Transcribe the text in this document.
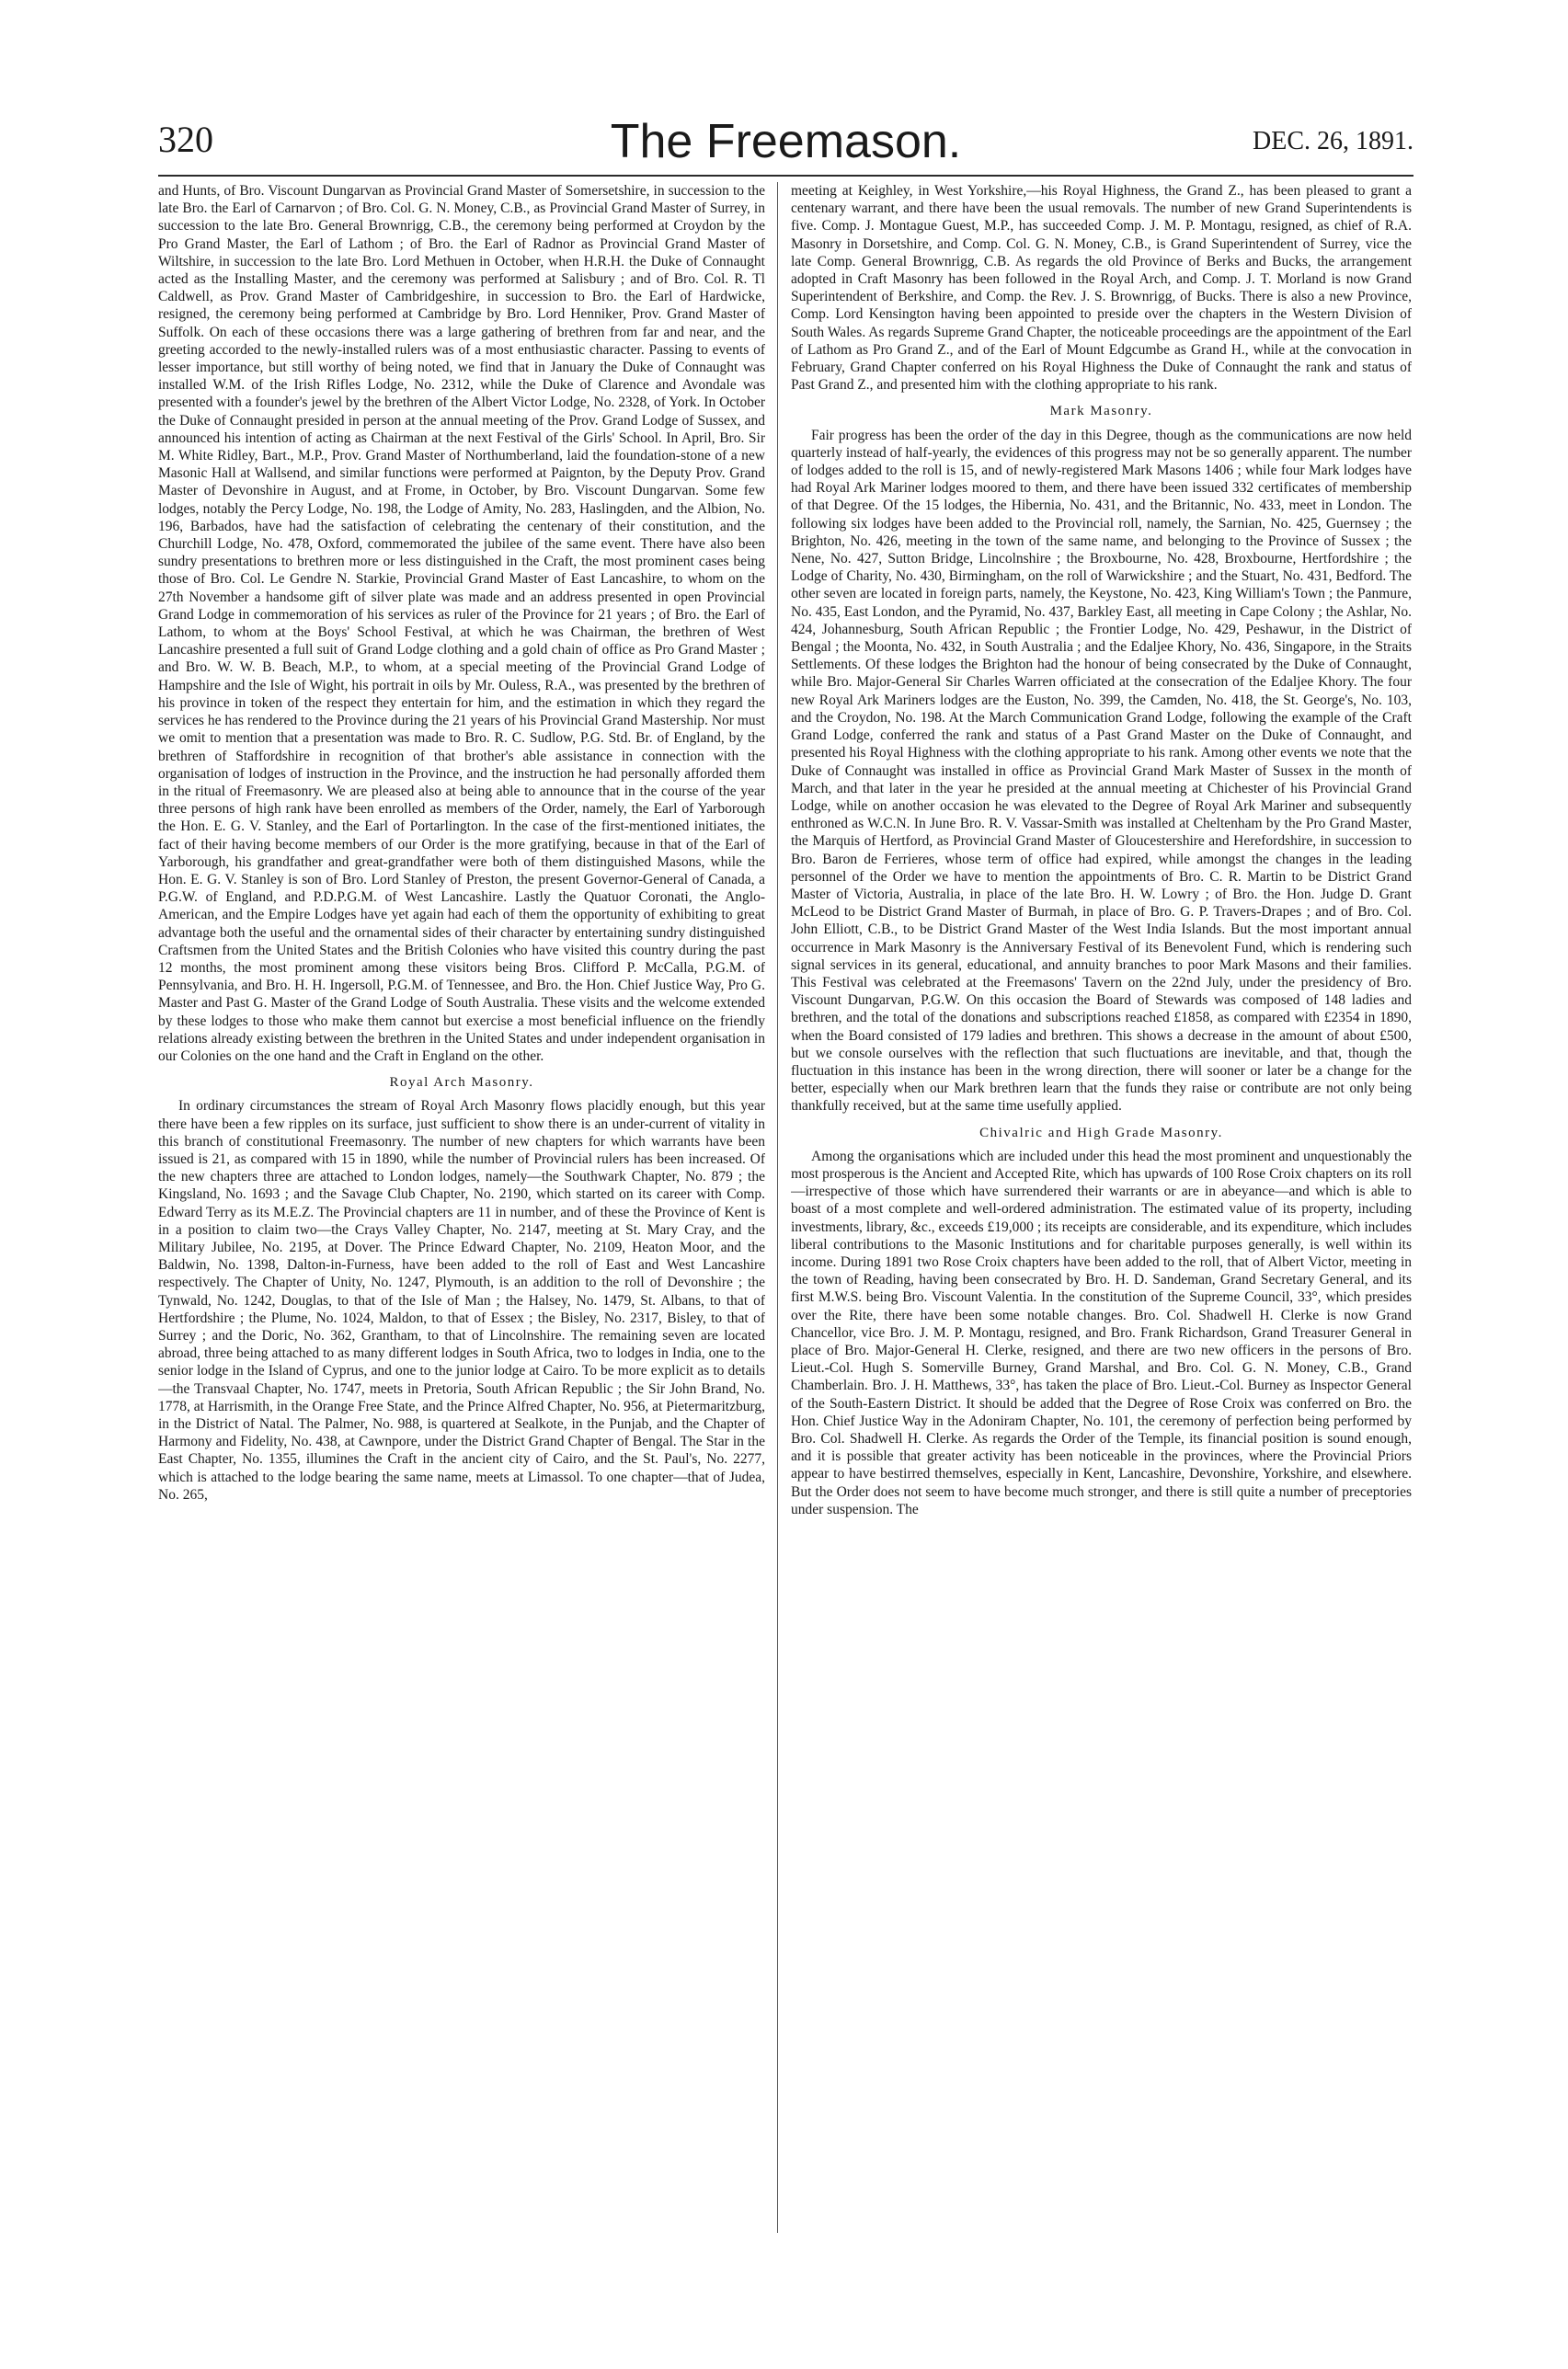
320	The Freemason.	DEC. 26, 1891.

and Hunts, of Bro. Viscount Dungarvan as Provincial Grand Master of Somersetshire, in succession to the late Bro. the Earl of Carnarvon ; of Bro. Col. G. N. Money, C.B., as Provincial Grand Master of Surrey, in succession to the late Bro. General Brownrigg, C.B., the ceremony being performed at Croydon by the Pro Grand Master, the Earl of Lathom ; of Bro. the Earl of Radnor as Provincial Grand Master of Wiltshire, in succession to the late Bro. Lord Methuen in October, when H.R.H. the Duke of Connaught acted as the Installing Master, and the ceremony was performed at Salisbury ; and of Bro. Col. R. Tl Caldwell, as Prov. Grand Master of Cambridgeshire, in succession to Bro. the Earl of Hardwicke, resigned, the ceremony being performed at Cambridge by Bro. Lord Henniker, Prov. Grand Master of Suffolk. On each of these occasions there was a large gathering of brethren from far and near, and the greeting accorded to the newly-installed rulers was of a most enthusiastic character. Passing to events of lesser importance, but still worthy of being noted, we find that in January the Duke of Connaught was installed W.M. of the Irish Rifles Lodge, No. 2312, while the Duke of Clarence and Avondale was presented with a founder's jewel by the brethren of the Albert Victor Lodge, No. 2328, of York. In October the Duke of Connaught presided in person at the annual meeting of the Prov. Grand Lodge of Sussex, and announced his intention of acting as Chairman at the next Festival of the Girls' School. In April, Bro. Sir M. White Ridley, Bart., M.P., Prov. Grand Master of Northumberland, laid the foundation-stone of a new Masonic Hall at Wallsend, and similar functions were performed at Paignton, by the Deputy Prov. Grand Master of Devonshire in August, and at Frome, in October, by Bro. Viscount Dungarvan. Some few lodges, notably the Percy Lodge, No. 198, the Lodge of Amity, No. 283, Haslingden, and the Albion, No. 196, Barbados, have had the satisfaction of celebrating the centenary of their constitution, and the Churchill Lodge, No. 478, Oxford, commemorated the jubilee of the same event. There have also been sundry presentations to brethren more or less distinguished in the Craft, the most prominent cases being those of Bro. Col. Le Gendre N. Starkie, Provincial Grand Master of East Lancashire, to whom on the 27th November a handsome gift of silver plate was made and an address presented in open Provincial Grand Lodge in commemoration of his services as ruler of the Province for 21 years ; of Bro. the Earl of Lathom, to whom at the Boys' School Festival, at which he was Chairman, the brethren of West Lancashire presented a full suit of Grand Lodge clothing and a gold chain of office as Pro Grand Master ; and Bro. W. W. B. Beach, M.P., to whom, at a special meeting of the Provincial Grand Lodge of Hampshire and the Isle of Wight, his portrait in oils by Mr. Ouless, R.A., was presented by the brethren of his province in token of the respect they entertain for him, and the estimation in which they regard the services he has rendered to the Province during the 21 years of his Provincial Grand Mastership. Nor must we omit to mention that a presentation was made to Bro. R. C. Sudlow, P.G. Std. Br. of England, by the brethren of Staffordshire in recognition of that brother's able assistance in connection with the organisation of lodges of instruction in the Province, and the instruction he had personally afforded them in the ritual of Freemasonry. We are pleased also at being able to announce that in the course of the year three persons of high rank have been enrolled as members of the Order, namely, the Earl of Yarborough the Hon. E. G. V. Stanley, and the Earl of Portarlington. In the case of the first-mentioned initiates, the fact of their having become members of our Order is the more gratifying, because in that of the Earl of Yarborough, his grandfather and great-grandfather were both of them distinguished Masons, while the Hon. E. G. V. Stanley is son of Bro. Lord Stanley of Preston, the present Governor-General of Canada, a P.G.W. of England, and P.D.P.G.M. of West Lancashire. Lastly the Quatuor Coronati, the Anglo-American, and the Empire Lodges have yet again had each of them the opportunity of exhibiting to great advantage both the useful and the ornamental sides of their character by entertaining sundry distinguished Craftsmen from the United States and the British Colonies who have visited this country during the past 12 months, the most prominent among these visitors being Bros. Clifford P. McCalla, P.G.M. of Pennsylvania, and Bro. H. H. Ingersoll, P.G.M. of Tennessee, and Bro. the Hon. Chief Justice Way, Pro G. Master and Past G. Master of the Grand Lodge of South Australia. These visits and the welcome extended by these lodges to those who make them cannot but exercise a most beneficial influence on the friendly relations already existing between the brethren in the United States and under independent organisation in our Colonies on the one hand and the Craft in England on the other.

Royal Arch Masonry.

In ordinary circumstances the stream of Royal Arch Masonry flows placidly enough, but this year there have been a few ripples on its surface, just sufficient to show there is an under-current of vitality in this branch of constitutional Freemasonry. The number of new chapters for which warrants have been issued is 21, as compared with 15 in 1890, while the number of Provincial rulers has been increased. Of the new chapters three are attached to London lodges, namely—the Southwark Chapter, No. 879 ; the Kingsland, No. 1693 ; and the Savage Club Chapter, No. 2190, which started on its career with Comp. Edward Terry as its M.E.Z. The Provincial chapters are 11 in number, and of these the Province of Kent is in a position to claim two—the Crays Valley Chapter, No. 2147, meeting at St. Mary Cray, and the Military Jubilee, No. 2195, at Dover. The Prince Edward Chapter, No. 2109, Heaton Moor, and the Baldwin, No. 1398, Dalton-in-Furness, have been added to the roll of East and West Lancashire respectively. The Chapter of Unity, No. 1247, Plymouth, is an addition to the roll of Devonshire ; the Tynwald, No. 1242, Douglas, to that of the Isle of Man ; the Halsey, No. 1479, St. Albans, to that of Hertfordshire ; the Plume, No. 1024, Maldon, to that of Essex ; the Bisley, No. 2317, Bisley, to that of Surrey ; and the Doric, No. 362, Grantham, to that of Lincolnshire. The remaining seven are located abroad, three being attached to as many different lodges in South Africa, two to lodges in India, one to the senior lodge in the Island of Cyprus, and one to the junior lodge at Cairo. To be more explicit as to details—the Transvaal Chapter, No. 1747, meets in Pretoria, South African Republic ; the Sir John Brand, No. 1778, at Harrismith, in the Orange Free State, and the Prince Alfred Chapter, No. 956, at Pietermaritzburg, in the District of Natal. The Palmer, No. 988, is quartered at Sealkote, in the Punjab, and the Chapter of Harmony and Fidelity, No. 438, at Cawnpore, under the District Grand Chapter of Bengal. The Star in the East Chapter, No. 1355, illumines the Craft in the ancient city of Cairo, and the St. Paul's, No. 2277, which is attached to the lodge bearing the same name, meets at Limassol. To one chapter—that of Judea, No. 265,

meeting at Keighley, in West Yorkshire,—his Royal Highness, the Grand Z., has been pleased to grant a centenary warrant, and there have been the usual removals. The number of new Grand Superintendents is five. Comp. J. Montague Guest, M.P., has succeeded Comp. J. M. P. Montagu, resigned, as chief of R.A. Masonry in Dorsetshire, and Comp. Col. G. N. Money, C.B., is Grand Superintendent of Surrey, vice the late Comp. General Brownrigg, C.B. As regards the old Province of Berks and Bucks, the arrangement adopted in Craft Masonry has been followed in the Royal Arch, and Comp. J. T. Morland is now Grand Superintendent of Berkshire, and Comp. the Rev. J. S. Brownrigg, of Bucks. There is also a new Province, Comp. Lord Kensington having been appointed to preside over the chapters in the Western Division of South Wales. As regards Supreme Grand Chapter, the noticeable proceedings are the appointment of the Earl of Lathom as Pro Grand Z., and of the Earl of Mount Edgcumbe as Grand H., while at the convocation in February, Grand Chapter conferred on his Royal Highness the Duke of Connaught the rank and status of Past Grand Z., and presented him with the clothing appropriate to his rank.

Mark Masonry.

Fair progress has been the order of the day in this Degree, though as the communications are now held quarterly instead of half-yearly, the evidences of this progress may not be so generally apparent. The number of lodges added to the roll is 15, and of newly-registered Mark Masons 1406 ; while four Mark lodges have had Royal Ark Mariner lodges moored to them, and there have been issued 332 certificates of membership of that Degree. Of the 15 lodges, the Hibernia, No. 431, and the Britannic, No. 433, meet in London. The following six lodges have been added to the Provincial roll, namely, the Sarnian, No. 425, Guernsey ; the Brighton, No. 426, meeting in the town of the same name, and belonging to the Province of Sussex ; the Nene, No. 427, Sutton Bridge, Lincolnshire ; the Broxbourne, No. 428, Broxbourne, Hertfordshire ; the Lodge of Charity, No. 430, Birmingham, on the roll of Warwickshire ; and the Stuart, No. 431, Bedford. The other seven are located in foreign parts, namely, the Keystone, No. 423, King William's Town ; the Panmure, No. 435, East London, and the Pyramid, No. 437, Barkley East, all meeting in Cape Colony ; the Ashlar, No. 424, Johannesburg, South African Republic ; the Frontier Lodge, No. 429, Peshawur, in the District of Bengal ; the Moonta, No. 432, in South Australia ; and the Edaljee Khory, No. 436, Singapore, in the Straits Settlements. Of these lodges the Brighton had the honour of being consecrated by the Duke of Connaught, while Bro. Major-General Sir Charles Warren officiated at the consecration of the Edaljee Khory. The four new Royal Ark Mariners lodges are the Euston, No. 399, the Camden, No. 418, the St. George's, No. 103, and the Croydon, No. 198. At the March Communication Grand Lodge, following the example of the Craft Grand Lodge, conferred the rank and status of a Past Grand Master on the Duke of Connaught, and presented his Royal Highness with the clothing appropriate to his rank. Among other events we note that the Duke of Connaught was installed in office as Provincial Grand Mark Master of Sussex in the month of March, and that later in the year he presided at the annual meeting at Chichester of his Provincial Grand Lodge, while on another occasion he was elevated to the Degree of Royal Ark Mariner and subsequently enthroned as W.C.N. In June Bro. R. V. Vassar-Smith was installed at Cheltenham by the Pro Grand Master, the Marquis of Hertford, as Provincial Grand Master of Gloucestershire and Herefordshire, in succession to Bro. Baron de Ferrieres, whose term of office had expired, while amongst the changes in the leading personnel of the Order we have to mention the appointments of Bro. C. R. Martin to be District Grand Master of Victoria, Australia, in place of the late Bro. H. W. Lowry ; of Bro. the Hon. Judge D. Grant McLeod to be District Grand Master of Burmah, in place of Bro. G. P. Travers-Drapes ; and of Bro. Col. John Elliott, C.B., to be District Grand Master of the West India Islands. But the most important annual occurrence in Mark Masonry is the Anniversary Festival of its Benevolent Fund, which is rendering such signal services in its general, educational, and annuity branches to poor Mark Masons and their families. This Festival was celebrated at the Freemasons' Tavern on the 22nd July, under the presidency of Bro. Viscount Dungarvan, P.G.W. On this occasion the Board of Stewards was composed of 148 ladies and brethren, and the total of the donations and subscriptions reached £1858, as compared with £2354 in 1890, when the Board consisted of 179 ladies and brethren. This shows a decrease in the amount of about £500, but we console ourselves with the reflection that such fluctuations are inevitable, and that, though the fluctuation in this instance has been in the wrong direction, there will sooner or later be a change for the better, especially when our Mark brethren learn that the funds they raise or contribute are not only being thankfully received, but at the same time usefully applied.

Chivalric and High Grade Masonry.

Among the organisations which are included under this head the most prominent and unquestionably the most prosperous is the Ancient and Accepted Rite, which has upwards of 100 Rose Croix chapters on its roll—irrespective of those which have surrendered their warrants or are in abeyance—and which is able to boast of a most complete and well-ordered administration. The estimated value of its property, including investments, library, &c., exceeds £19,000 ; its receipts are considerable, and its expenditure, which includes liberal contributions to the Masonic Institutions and for charitable purposes generally, is well within its income. During 1891 two Rose Croix chapters have been added to the roll, that of Albert Victor, meeting in the town of Reading, having been consecrated by Bro. H. D. Sandeman, Grand Secretary General, and its first M.W.S. being Bro. Viscount Valentia. In the constitution of the Supreme Council, 33°, which presides over the Rite, there have been some notable changes. Bro. Col. Shadwell H. Clerke is now Grand Chancellor, vice Bro. J. M. P. Montagu, resigned, and Bro. Frank Richardson, Grand Treasurer General in place of Bro. Major-General H. Clerke, resigned, and there are two new officers in the persons of Bro. Lieut.-Col. Hugh S. Somerville Burney, Grand Marshal, and Bro. Col. G. N. Money, C.B., Grand Chamberlain. Bro. J. H. Matthews, 33°, has taken the place of Bro. Lieut.-Col. Burney as Inspector General of the South-Eastern District. It should be added that the Degree of Rose Croix was conferred on Bro. the Hon. Chief Justice Way in the Adoniram Chapter, No. 101, the ceremony of perfection being performed by Bro. Col. Shadwell H. Clerke. As regards the Order of the Temple, its financial position is sound enough, and it is possible that greater activity has been noticeable in the provinces, where the Provincial Priors appear to have bestirred themselves, especially in Kent, Lancashire, Devonshire, Yorkshire, and elsewhere. But the Order does not seem to have become much stronger, and there is still quite a number of preceptories under suspension. The
